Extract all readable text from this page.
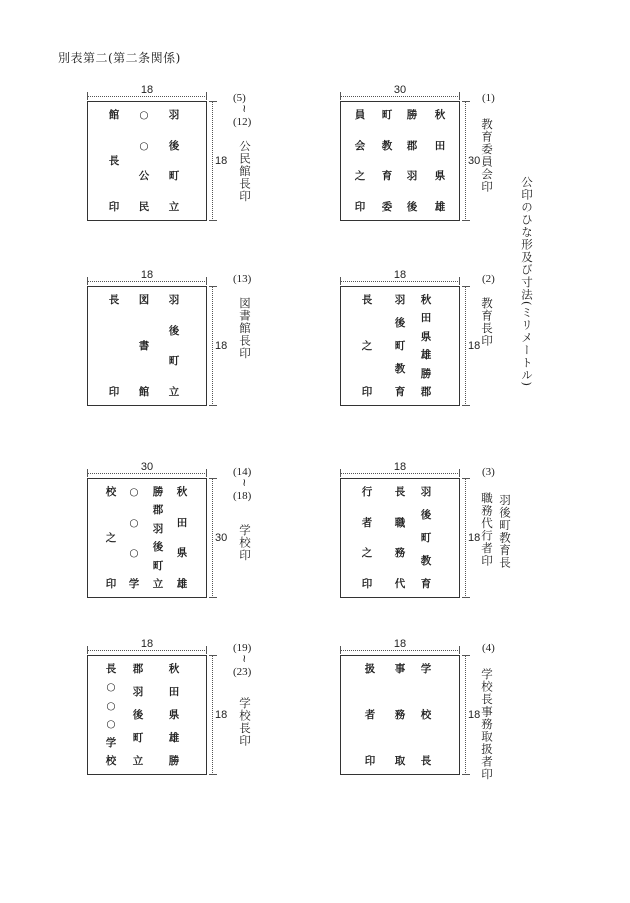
別表第二(第二条関係)
公印のひな形及び寸法(ミリメートル)
18
18
館
長
印
○
○
公
民
羽
後
町
立
30
30
員
会
之
印
町
教
育
委
勝
郡
羽
後
秋
田
県
雄
18
18
長
印
図
書
館
羽
後
町
立
18
18
長
之
印
羽
後
町
教
育
秋
田
県
雄
勝
郡
30
30
校
之
印
○
○
○
学
勝
郡
羽
後
町
立
秋
田
県
雄
18
18
行
者
之
印
長
職
務
代
羽
後
町
教
育
18
18
長
○
○
○
学
校
郡
羽
後
町
立
秋
田
県
雄
勝
18
18
扱
者
印
事
務
取
学
校
長
(5)
~
(12)
公民館長印
(1)
教育委員会印
(13)
図書館長印
(2)
教育長印
(14)
~
(18)
学校印
(3)
羽後町教育長
職務代行者印
(19)
~
(23)
学校長印
(4)
学校長事務取扱者印
